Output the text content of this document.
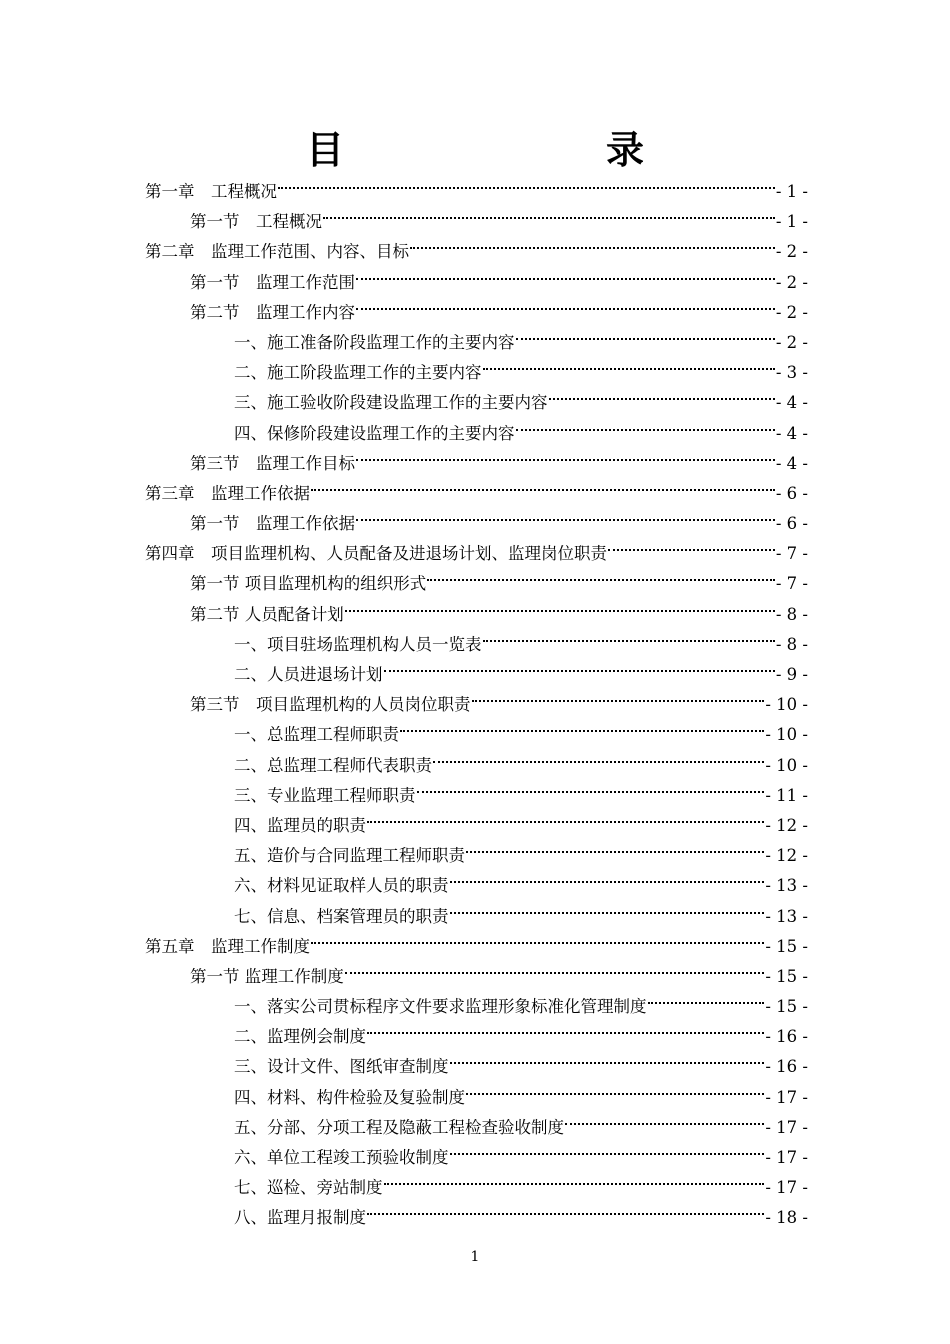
目　　录
第一章　工程概况	- 1 -
第一节　工程概况	- 1 -
第二章　监理工作范围、内容、目标	- 2 -
第一节　监理工作范围	- 2 -
第二节　监理工作内容	- 2 -
一、施工准备阶段监理工作的主要内容	- 2 -
二、施工阶段监理工作的主要内容	- 3 -
三、施工验收阶段建设监理工作的主要内容	- 4 -
四、保修阶段建设监理工作的主要内容	- 4 -
第三节　监理工作目标	- 4 -
第三章　监理工作依据	- 6 -
第一节　监理工作依据	- 6 -
第四章　项目监理机构、人员配备及进退场计划、监理岗位职责	- 7 -
第一节 项目监理机构的组织形式	- 7 -
第二节 人员配备计划	- 8 -
一、项目驻场监理机构人员一览表	- 8 -
二、人员进退场计划	- 9 -
第三节　项目监理机构的人员岗位职责	- 10 -
一、总监理工程师职责	- 10 -
二、总监理工程师代表职责	- 10 -
三、专业监理工程师职责	- 11 -
四、监理员的职责	- 12 -
五、造价与合同监理工程师职责	- 12 -
六、材料见证取样人员的职责	- 13 -
七、信息、档案管理员的职责	- 13 -
第五章　监理工作制度	- 15 -
第一节 监理工作制度	- 15 -
一、落实公司贯标程序文件要求监理形象标准化管理制度	- 15 -
二、监理例会制度	- 16 -
三、设计文件、图纸审查制度	- 16 -
四、材料、构件检验及复验制度	- 17 -
五、分部、分项工程及隐蔽工程检查验收制度	- 17 -
六、单位工程竣工预验收制度	- 17 -
七、巡检、旁站制度	- 17 -
八、监理月报制度	- 18 -
1
